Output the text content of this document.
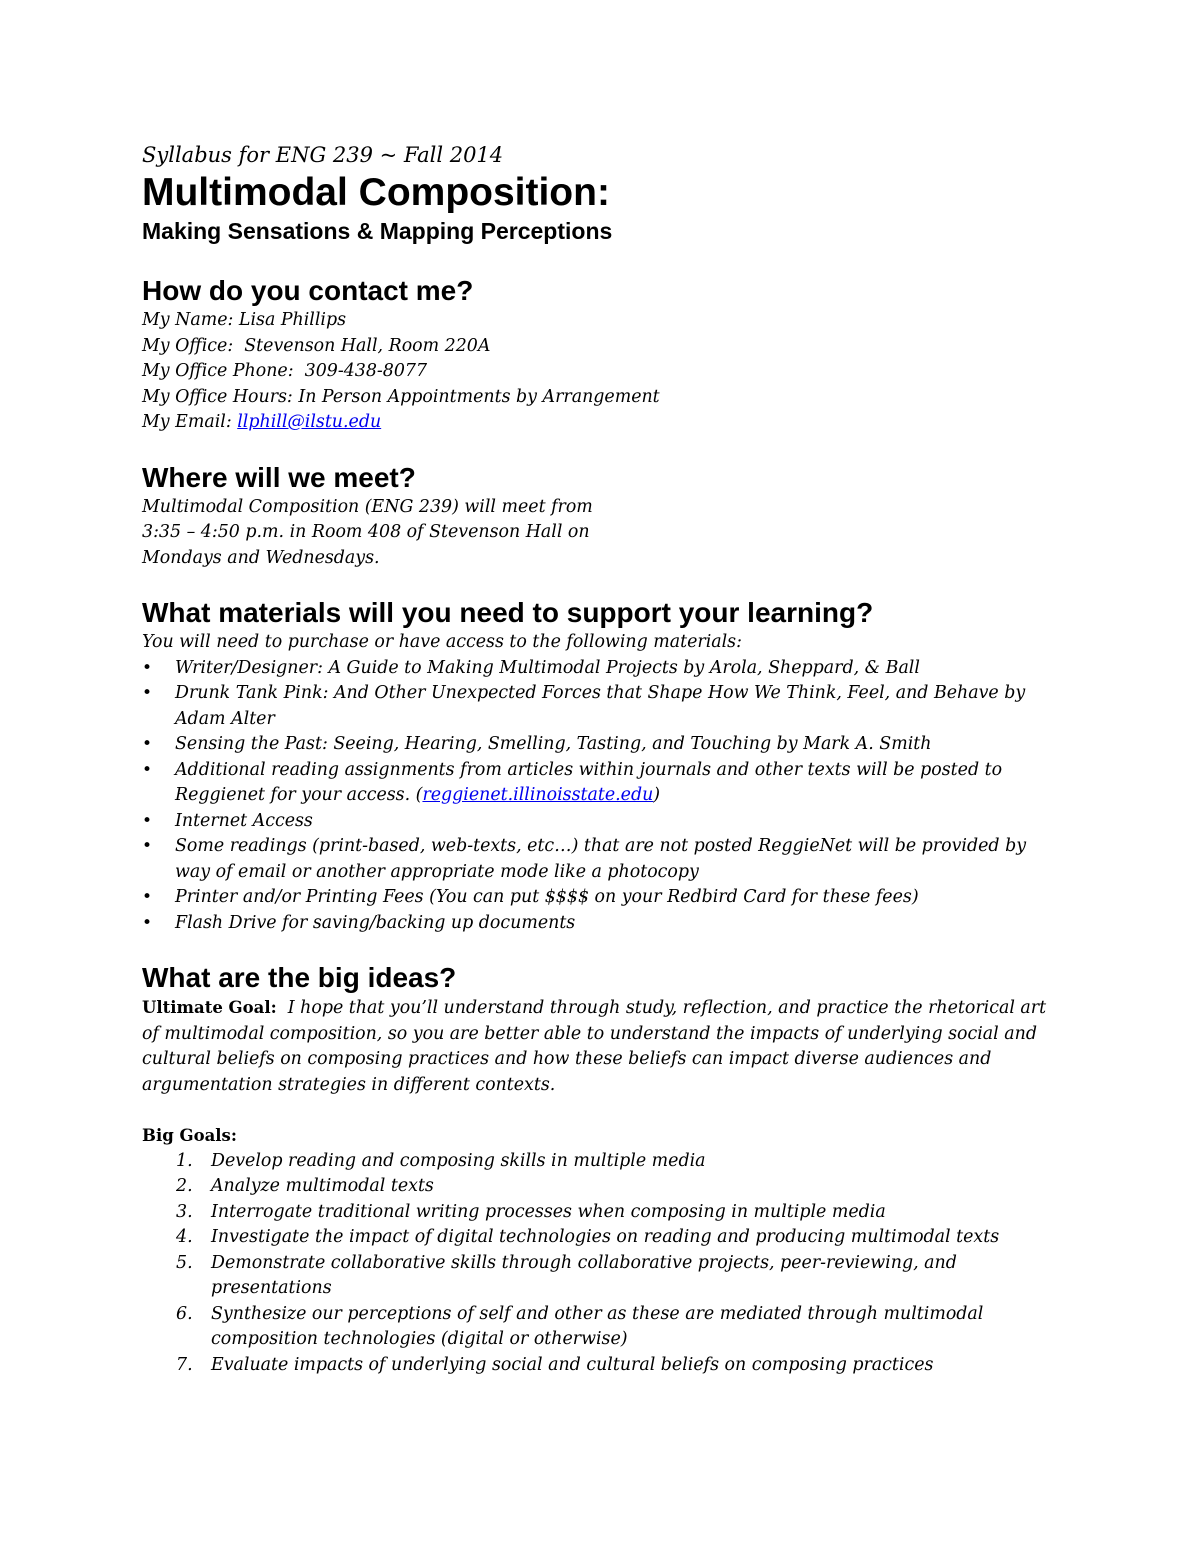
Syllabus for ENG 239 ~ Fall 2014

Multimodal Composition:
Making Sensations & Mapping Perceptions
How do you contact me?

My Name: Lisa Phillips

My Office:  Stevenson Hall, Room 220A

My Office Phone:  309-438-8077

My Office Hours: In Person Appointments by Arrangement

My Email: llphill@ilstu.edu

Where will we meet?

Multimodal Composition (ENG 239) will meet from

3:35 – 4:50 p.m. in Room 408 of Stevenson Hall on

Mondays and Wednesdays.

What materials will you need to support your learning?

You will need to purchase or have access to the following materials:

• Writer/Designer: A Guide to Making Multimodal Projects by Arola, Sheppard, & Ball
• Drunk Tank Pink: And Other Unexpected Forces that Shape How We Think, Feel, and Behave by
Adam Alter
• Sensing the Past: Seeing, Hearing, Smelling, Tasting, and Touching by Mark A. Smith
• Additional reading assignments from articles within journals and other texts will be posted to
Reggienet for your access. (reggienet.illinoisstate.edu)
• Internet Access
• Some readings (print-based, web-texts, etc…) that are not posted ReggieNet will be provided by
way of email or another appropriate mode like a photocopy
• Printer and/or Printing Fees (You can put $$$$ on your Redbird Card for these fees)
• Flash Drive for saving/backing up documents
What are the big ideas?

Ultimate Goal:  I hope that you’ll understand through study, reflection, and practice the rhetorical art

of multimodal composition, so you are better able to understand the impacts of underlying social and

cultural beliefs on composing practices and how these beliefs can impact diverse audiences and

argumentation strategies in different contexts.

Big Goals:

1. Develop reading and composing skills in multiple media
2. Analyze multimodal texts
3. Interrogate traditional writing processes when composing in multiple media
4. Investigate the impact of digital technologies on reading and producing multimodal texts
5. Demonstrate collaborative skills through collaborative projects, peer-reviewing, and
presentations
6. Synthesize our perceptions of self and other as these are mediated through multimodal
composition technologies (digital or otherwise)
7. Evaluate impacts of underlying social and cultural beliefs on composing practices
